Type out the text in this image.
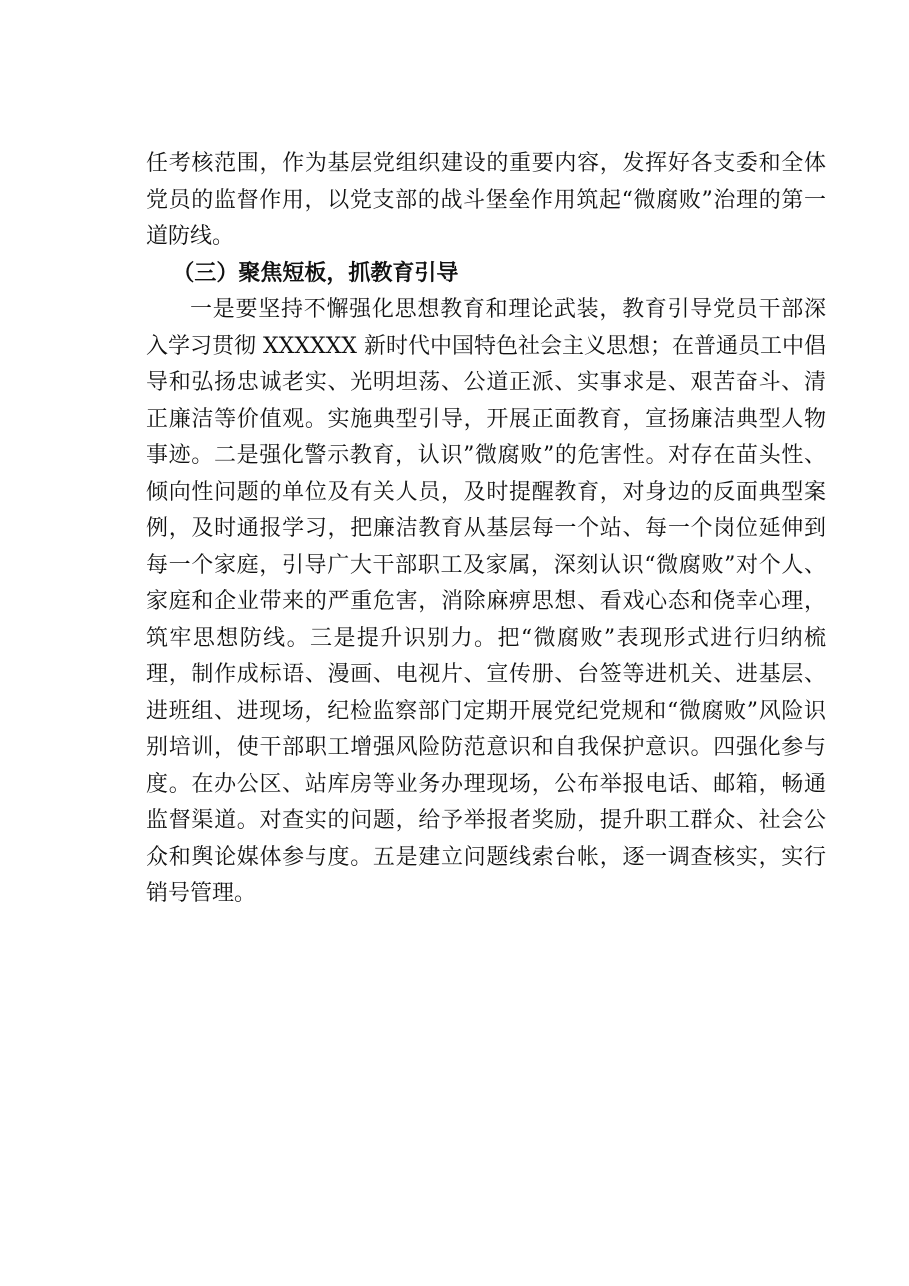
任考核范围，作为基层党组织建设的重要内容，发挥好各支委和全体党员的监督作用，以党支部的战斗堡垒作用筑起“微腐败”治理的第一道防线。

（三）聚焦短板，抓教育引导

一是要坚持不懈强化思想教育和理论武装，教育引导党员干部深入学习贯彻 XXXXXX 新时代中国特色社会主义思想；在普通员工中倡导和弘扬忠诚老实、光明坦荡、公道正派、实事求是、艰苦奋斗、清正廉洁等价值观。实施典型引导，开展正面教育，宣扬廉洁典型人物事迹。二是强化警示教育，认识”微腐败”的危害性。对存在苗头性、倾向性问题的单位及有关人员，及时提醒教育，对身边的反面典型案例，及时通报学习，把廉洁教育从基层每一个站、每一个岗位延伸到每一个家庭，引导广大干部职工及家属，深刻认识“微腐败”对个人、家庭和企业带来的严重危害，消除麻痹思想、看戏心态和侥幸心理，筑牢思想防线。三是提升识别力。把“微腐败”表现形式进行归纳梳理，制作成标语、漫画、电视片、宣传册、台签等进机关、进基层、进班组、进现场，纪检监察部门定期开展党纪党规和“微腐败”风险识别培训，使干部职工增强风险防范意识和自我保护意识。四强化参与度。在办公区、站库房等业务办理现场，公布举报电话、邮箱，畅通监督渠道。对查实的问题，给予举报者奖励，提升职工群众、社会公众和舆论媒体参与度。五是建立问题线索台帐，逐一调查核实，实行销号管理。
